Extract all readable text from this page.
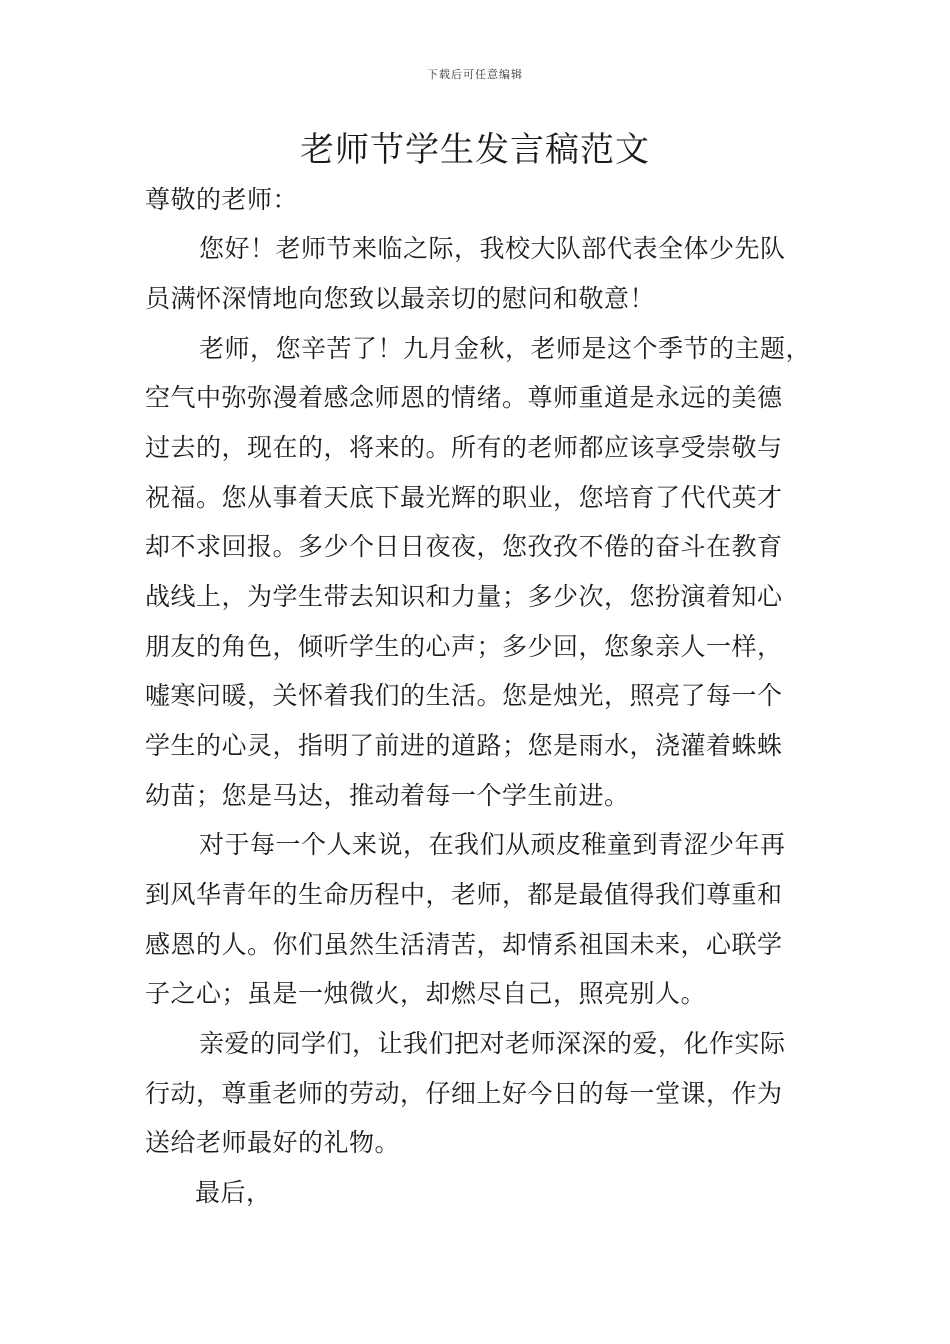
下载后可任意编辑
老师节学生发言稿范文
尊敬的老师：
您好！老师节来临之际，我校大队部代表全体少先队
员满怀深情地向您致以最亲切的慰问和敬意！
老师，您辛苦了！九月金秋，老师是这个季节的主题，
空气中弥弥漫着感念师恩的情绪。尊师重道是永远的美德
过去的，现在的，将来的。所有的老师都应该享受崇敬与
祝福。您从事着天底下最光辉的职业，您培育了代代英才
却不求回报。多少个日日夜夜，您孜孜不倦的奋斗在教育
战线上，为学生带去知识和力量；多少次，您扮演着知心
朋友的角色，倾听学生的心声；多少回，您象亲人一样，
嘘寒问暖，关怀着我们的生活。您是烛光，照亮了每一个
学生的心灵，指明了前进的道路；您是雨水，浇灌着蛛蛛
幼苗；您是马达，推动着每一个学生前进。
对于每一个人来说，在我们从顽皮稚童到青涩少年再
到风华青年的生命历程中，老师，都是最值得我们尊重和
感恩的人。你们虽然生活清苦，却情系祖国未来，心联学
子之心；虽是一烛微火，却燃尽自己，照亮别人。
亲爱的同学们，让我们把对老师深深的爱，化作实际
行动，尊重老师的劳动，仔细上好今日的每一堂课，作为
送给老师最好的礼物。
最后，
